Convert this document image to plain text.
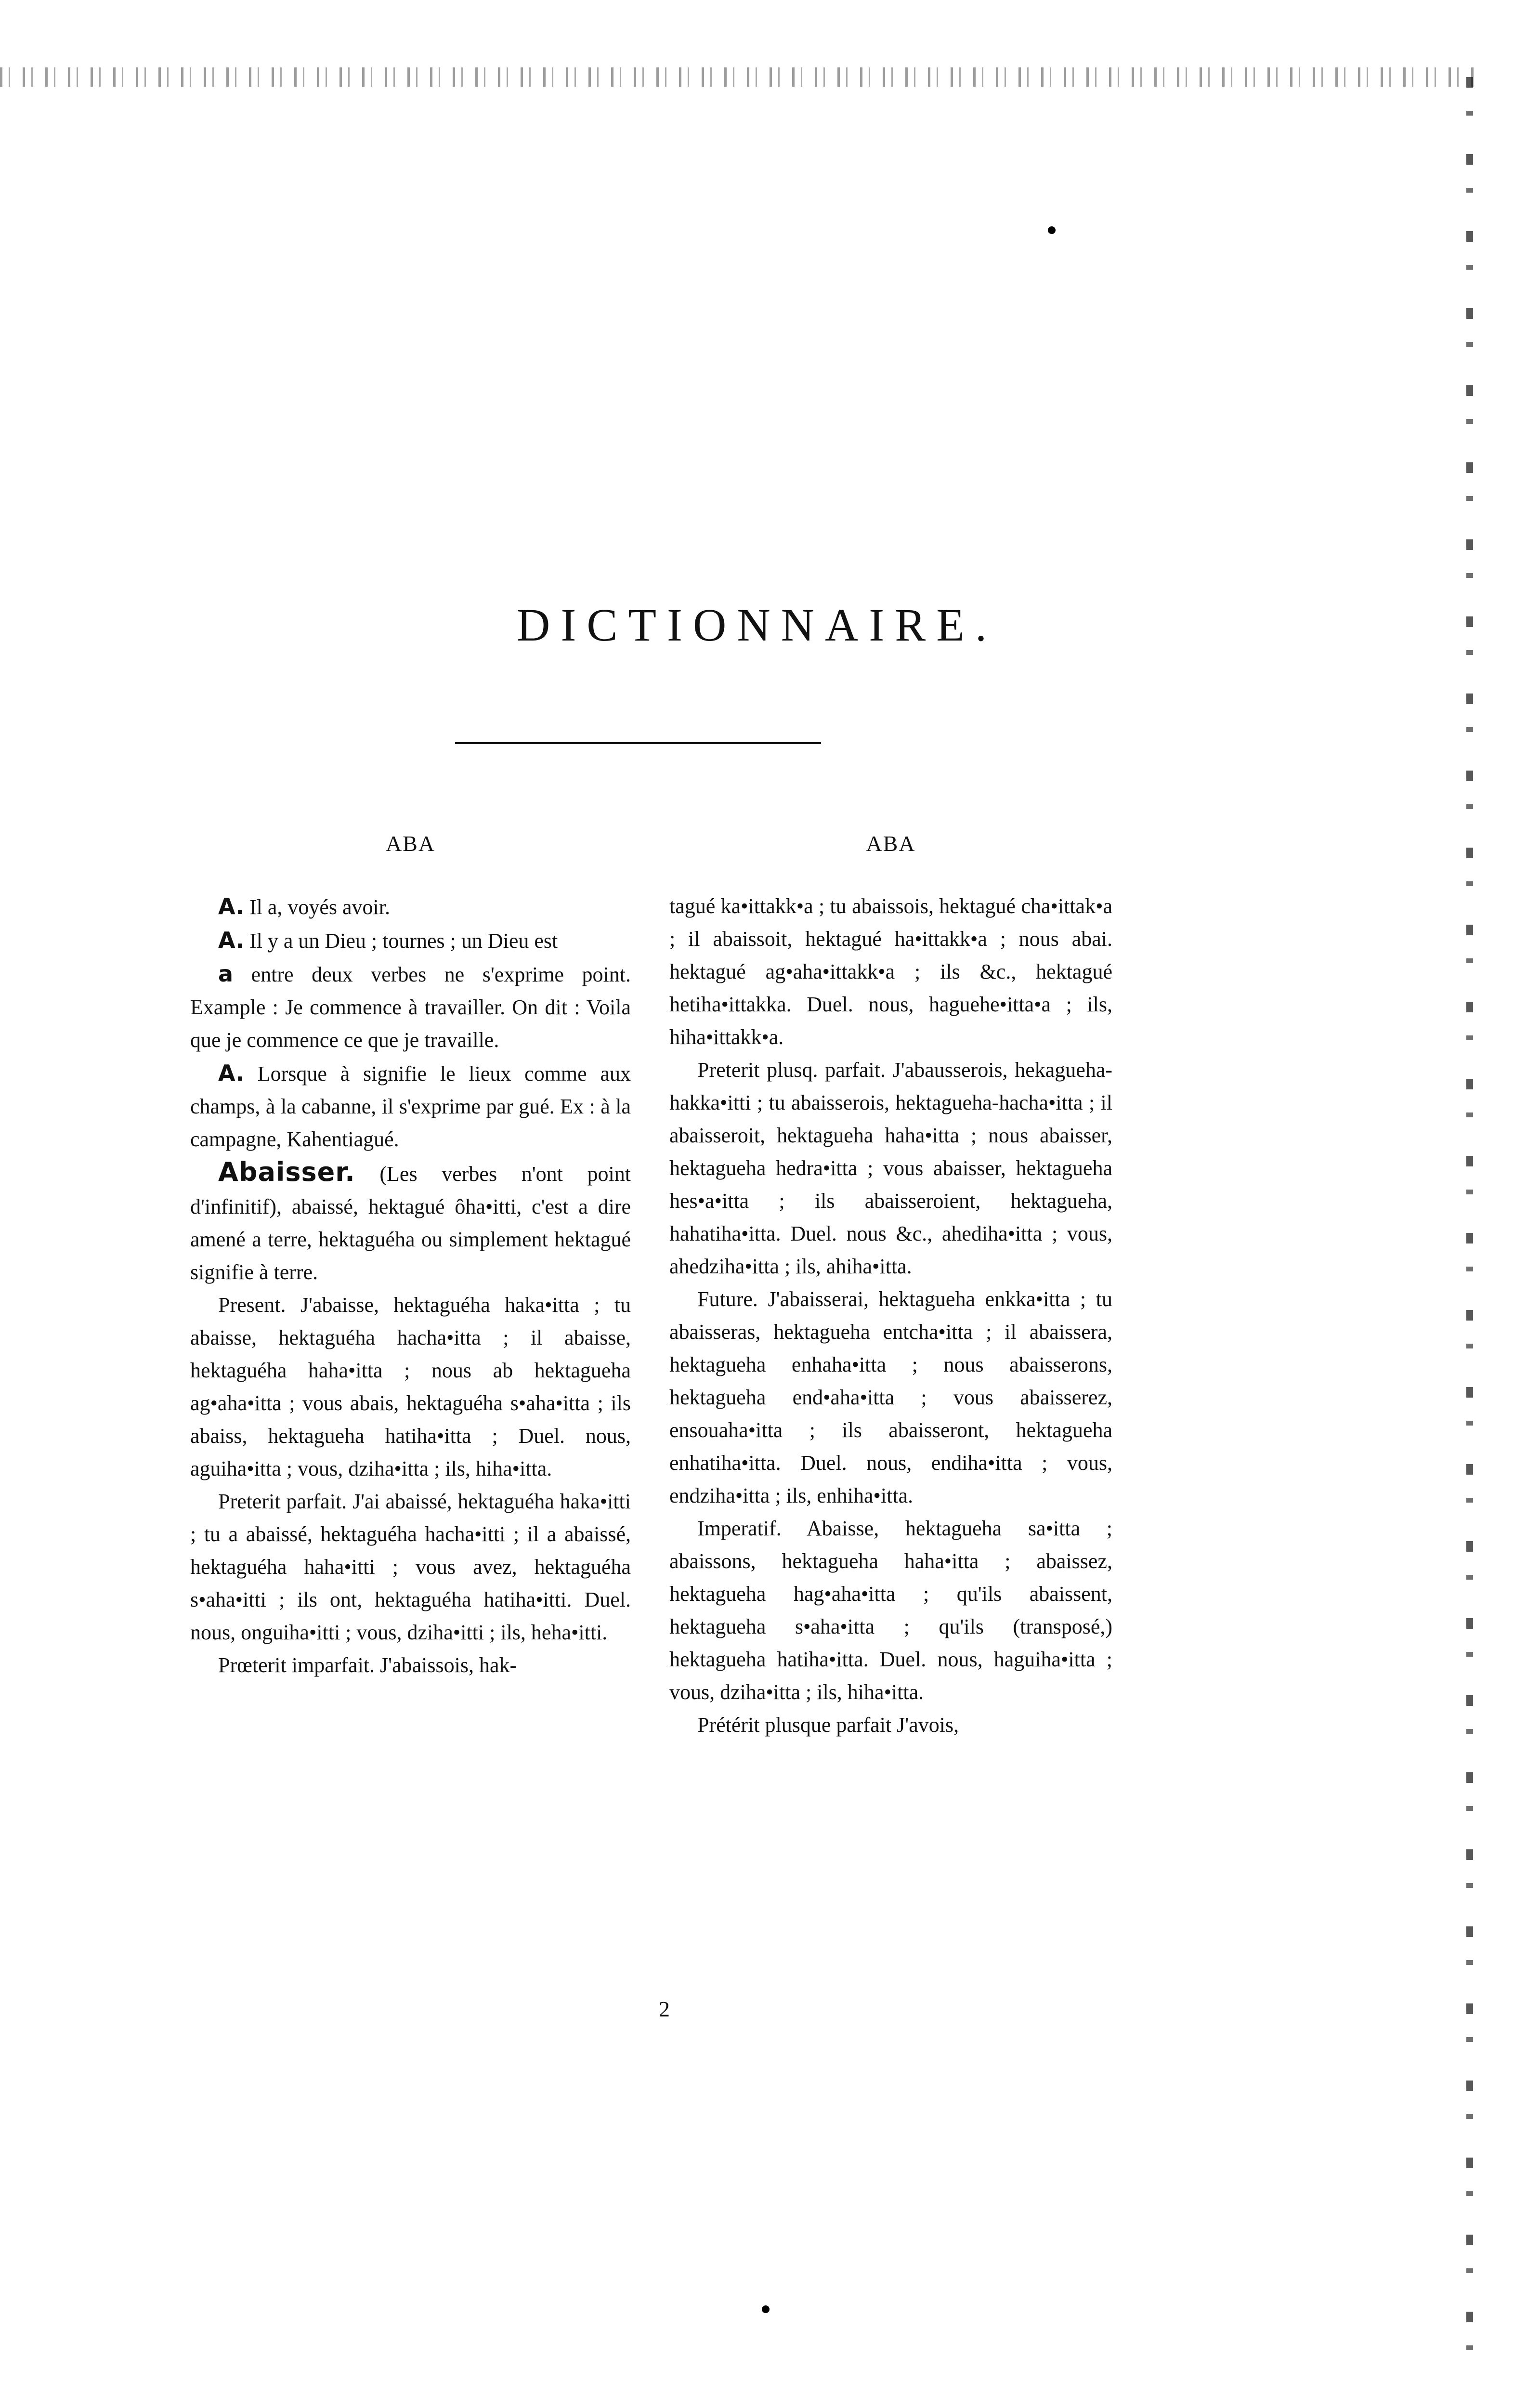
DICTIONNAIRE.
ABA

A. Il a, voyés avoir.

A. Il y a un Dieu ; tournes ; un Dieu est

a entre deux verbes ne s'exprime point. Example : Je commence à travailler. On dit : Voila que je commence ce que je travaille.

A. Lorsque à signifie le lieux comme aux champs, à la cabanne, il s'exprime par gué. Ex : à la campagne, Kahentiagué.

Abaisser. (Les verbes n'ont point d'infinitif), abaissé, hektagué ôha•itti, c'est a dire amené a terre, hektaguéha ou simplement hektagué signifie à terre.

Present. J'abaisse, hektaguéha haka•itta ; tu abaisse, hektaguéha hacha•itta ; il abaisse, hektaguéha haha•itta ; nous ab hektagueha ag•aha•itta ; vous abais, hektaguéha s•aha•itta ; ils abaiss, hektagueha hatiha•itta ; Duel. nous, aguiha•itta ; vous, dziha•itta ; ils, hiha•itta.

Preterit parfait. J'ai abaissé, hektaguéha haka•itti ; tu a abaissé, hektaguéha hacha•itti ; il a abaissé, hektaguéha haha•itti ; vous avez, hektaguéha s•aha•itti ; ils ont, hektaguéha hatiha•itti. Duel. nous, onguiha•itti ; vous, dziha•itti ; ils, heha•itti.

Prœterit imparfait. J'abaissois, hak-

ABA

tagué ka•ittakk•a ; tu abaissois, hektagué cha•ittak•a ; il abaissoit, hektagué ha•ittakk•a ; nous abai. hektagué ag•aha•ittakk•a ; ils &c., hektagué hetiha•ittakka. Duel. nous, haguehe•itta•a ; ils, hiha•ittakk•a.

Preterit plusq. parfait. J'abausserois, hekagueha-hakka•itti ; tu abaisserois, hektagueha-hacha•itta ; il abaisseroit, hektagueha haha•itta ; nous abaisser, hektagueha hedra•itta ; vous abaisser, hektagueha hes•a•itta ; ils abaisseroient, hektagueha, hahatiha•itta. Duel. nous &c., ahediha•itta ; vous, ahedziha•itta ; ils, ahiha•itta.

Future. J'abaisserai, hektagueha enkka•itta ; tu abaisseras, hektagueha entcha•itta ; il abaissera, hektagueha enhaha•itta ; nous abaisserons, hektagueha end•aha•itta ; vous abaisserez, ensouaha•itta ; ils abaisseront, hektagueha enhatiha•itta. Duel. nous, endiha•itta ; vous, endziha•itta ; ils, enhiha•itta.

Imperatif. Abaisse, hektagueha sa•itta ; abaissons, hektagueha haha•itta ; abaissez, hektagueha hag•aha•itta ; qu'ils abaissent, hektagueha s•aha•itta ; qu'ils (transposé,) hektagueha hatiha•itta. Duel. nous, haguiha•itta ; vous, dziha•itta ; ils, hiha•itta.

Prétérit plusque parfait J'avois,

2
